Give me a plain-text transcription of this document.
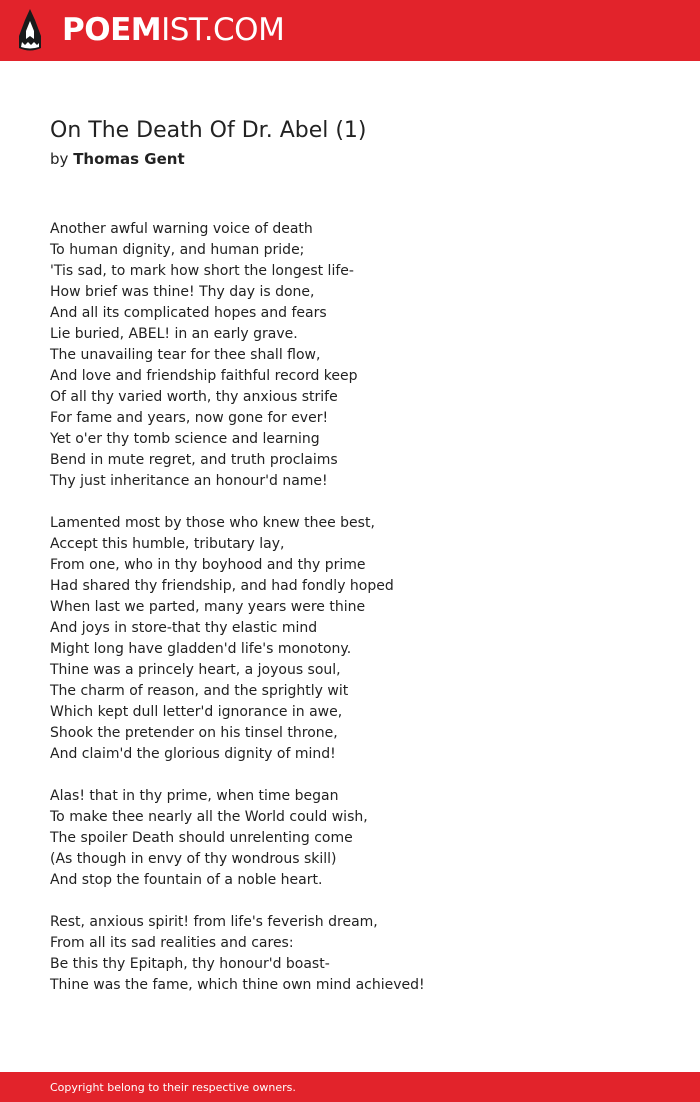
POEMIST.COM
On The Death Of Dr. Abel (1)
by Thomas Gent
Another awful warning voice of death
To human dignity, and human pride;
'Tis sad, to mark how short the longest life-
How brief was thine! Thy day is done,
And all its complicated hopes and fears
Lie buried, ABEL! in an early grave.
The unavailing tear for thee shall flow,
And love and friendship faithful record keep
Of all thy varied worth, thy anxious strife
For fame and years, now gone for ever!
Yet o'er thy tomb science and learning
Bend in mute regret, and truth proclaims
Thy just inheritance an honour'd name!
Lamented most by those who knew thee best,
Accept this humble, tributary lay,
From one, who in thy boyhood and thy prime
Had shared thy friendship, and had fondly hoped
When last we parted, many years were thine
And joys in store-that thy elastic mind
Might long have gladden'd life's monotony.
Thine was a princely heart, a joyous soul,
The charm of reason, and the sprightly wit
Which kept dull letter'd ignorance in awe,
Shook the pretender on his tinsel throne,
And claim'd the glorious dignity of mind!
Alas! that in thy prime, when time began
To make thee nearly all the World could wish,
The spoiler Death should unrelenting come
(As though in envy of thy wondrous skill)
And stop the fountain of a noble heart.
Rest, anxious spirit! from life's feverish dream,
From all its sad realities and cares:
Be this thy Epitaph, thy honour'd boast-
Thine was the fame, which thine own mind achieved!
Copyright belong to their respective owners.
